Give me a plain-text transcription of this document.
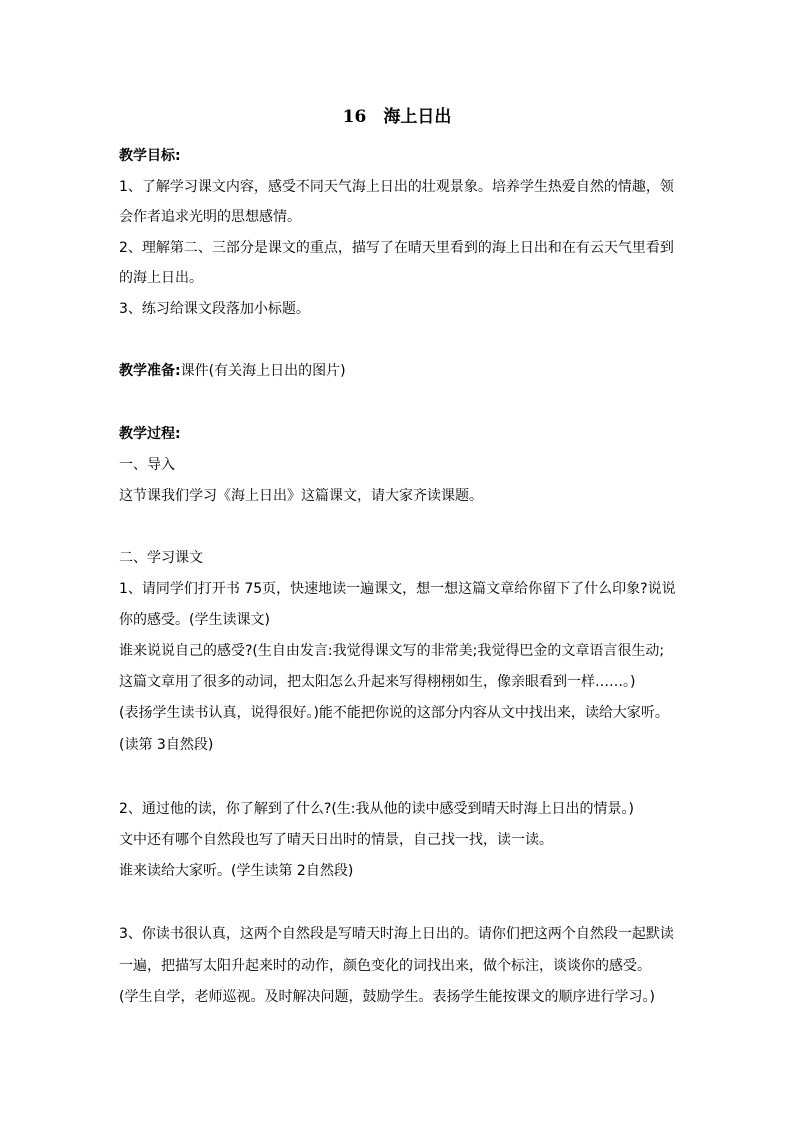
16　海上日出
教学目标:
1、了解学习课文内容，感受不同天气海上日出的壮观景象。培养学生热爱自然的情趣，领
会作者追求光明的思想感情。
2、理解第二、三部分是课文的重点，描写了在晴天里看到的海上日出和在有云天气里看到
的海上日出。
3、练习给课文段落加小标题。
教学准备:课件(有关海上日出的图片)
教学过程:
一、导入
这节课我们学习《海上日出》这篇课文，请大家齐读课题。
二、学习课文
1、请同学们打开书 75页，快速地读一遍课文，想一想这篇文章给你留下了什么印象?说说
你的感受。(学生读课文)
谁来说说自己的感受?(生自由发言:我觉得课文写的非常美;我觉得巴金的文章语言很生动;
这篇文章用了很多的动词，把太阳怎么升起来写得栩栩如生，像亲眼看到一样……。)
(表扬学生读书认真，说得很好。)能不能把你说的这部分内容从文中找出来，读给大家听。
(读第 3自然段)
2、通过他的读，你了解到了什么?(生:我从他的读中感受到晴天时海上日出的情景。)
文中还有哪个自然段也写了晴天日出时的情景，自己找一找，读一读。
谁来读给大家听。(学生读第 2自然段)
3、你读书很认真，这两个自然段是写晴天时海上日出的。请你们把这两个自然段一起默读
一遍，把描写太阳升起来时的动作，颜色变化的词找出来，做个标注，谈谈你的感受。
(学生自学，老师巡视。及时解决问题，鼓励学生。表扬学生能按课文的顺序进行学习。)
